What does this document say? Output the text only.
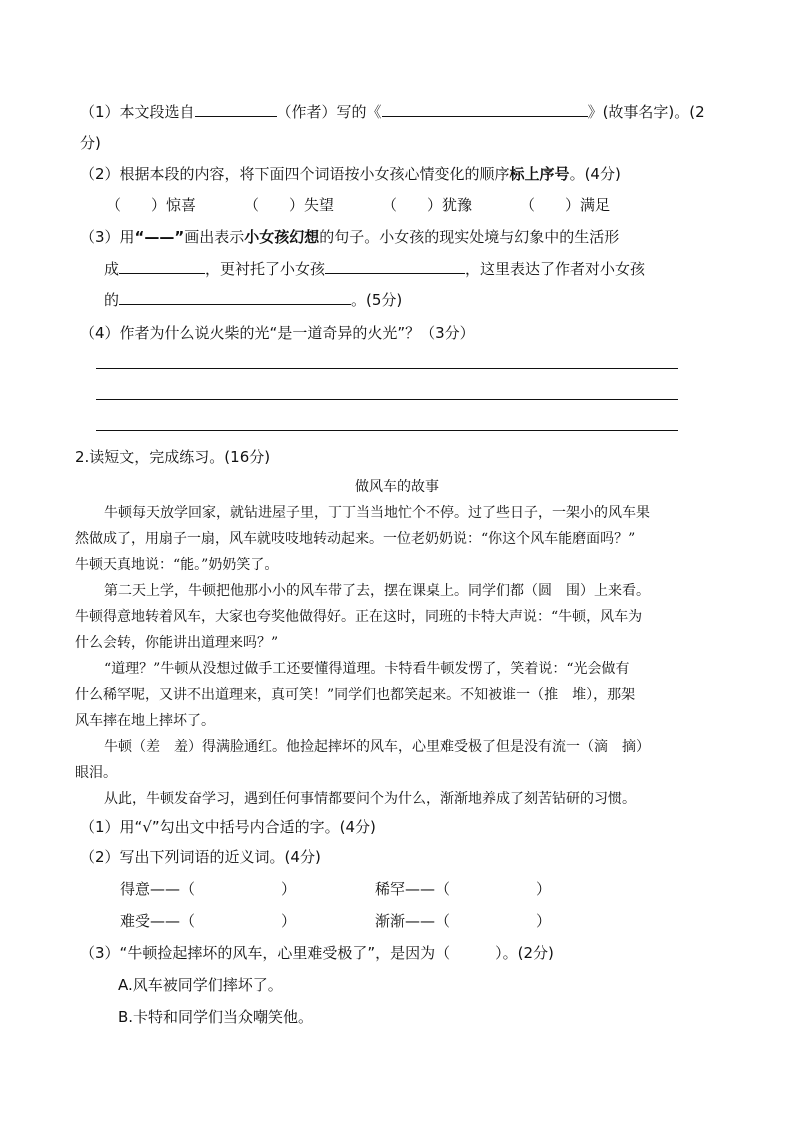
（1）本文段选自	（作者）写的《	》(故事名字)。(2
分)
（2）根据本段的内容，将下面四个词语按小女孩心情变化的顺序标上序号。(4分)
（　　）惊喜	（　　）失望	（　　）犹豫	（　　）满足
（3）用“——”画出表示小女孩幻想的句子。小女孩的现实处境与幻象中的生活形
成	，更衬托了小女孩	，这里表达了作者对小女孩
的	。(5分)
（4）作者为什么说火柴的光“是一道奇异的火光”？（3分）
2.读短文，完成练习。(16分)
做风车的故事
牛顿每天放学回家，就钻进屋子里，丁丁当当地忙个不停。过了些日子，一架小的风车果
然做成了，用扇子一扇，风车就吱吱地转动起来。一位老奶奶说：“你这个风车能磨面吗？”
牛顿天真地说：“能。”奶奶笑了。
第二天上学，牛顿把他那小小的风车带了去，摆在课桌上。同学们都（圆　围）上来看。
牛顿得意地转着风车，大家也夸奖他做得好。正在这时，同班的卡特大声说：“牛顿，风车为
什么会转，你能讲出道理来吗？”
“道理？”牛顿从没想过做手工还要懂得道理。卡特看牛顿发愣了，笑着说：“光会做有
什么稀罕呢，又讲不出道理来，真可笑！”同学们也都笑起来。不知被谁一（推　堆），那架
风车摔在地上摔坏了。
牛顿（差　羞）得满脸通红。他捡起摔坏的风车，心里难受极了但是没有流一（滴　摘）
眼泪。
从此，牛顿发奋学习，遇到任何事情都要问个为什么，渐渐地养成了刻苦钻研的习惯。
（1）用“√”勾出文中括号内合适的字。(4分)
（2）写出下列词语的近义词。(4分)
得意——（	）	稀罕——（	）
难受——（	）	渐渐——（	）
（3）“牛顿捡起摔坏的风车，心里难受极了”，是因为（　　　）。(2分)
A.风车被同学们摔坏了。
B.卡特和同学们当众嘲笑他。
